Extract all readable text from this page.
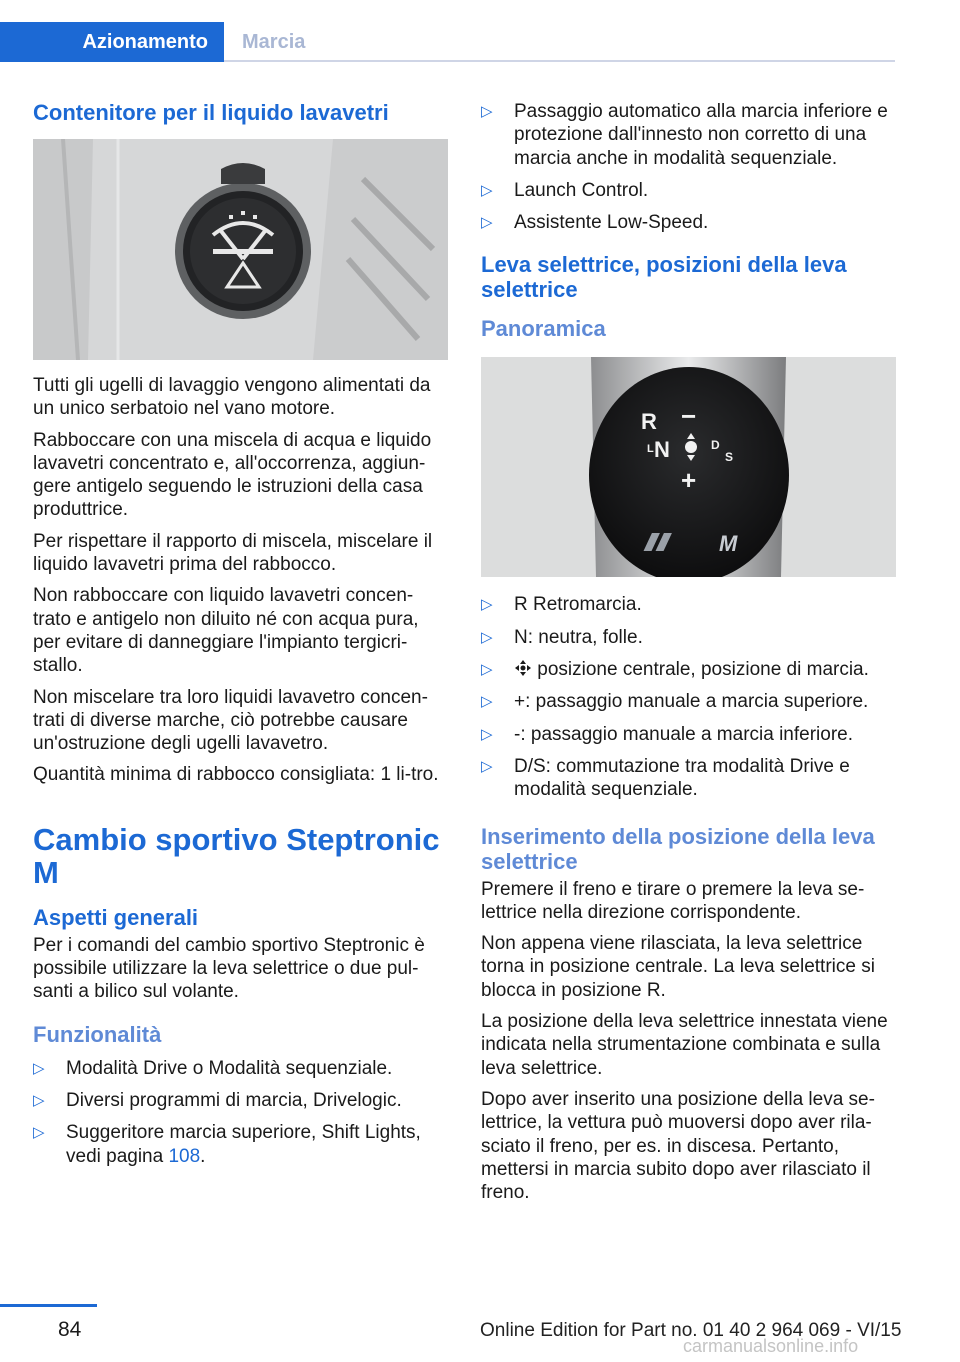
Azionamento Marcia
Contenitore per il liquido lavavetri

Tutti gli ugelli di lavaggio vengono alimentati da un unico serbatoio nel vano motore.

Rabboccare con una miscela di acqua e liquido lavavetri concentrato e, all'occorrenza, aggiun‐gere antigelo seguendo le istruzioni della casa produttrice.

Per rispettare il rapporto di miscela, miscelare il liquido lavavetri prima del rabbocco.

Non rabboccare con liquido lavavetri concen‐trato e antigelo non diluito né con acqua pura, per evitare di danneggiare l'impianto tergicri‐stallo.

Non miscelare tra loro liquidi lavavetro concen‐trati di diverse marche, ciò potrebbe causare un'ostruzione degli ugelli lavavetro.

Quantità minima di rabbocco consigliata: 1 li‐tro.

Cambio sportivo Steptronic M
Aspetti generali

Per i comandi del cambio sportivo Steptronic è possibile utilizzare la leva selettrice o due pul‐santi a bilico sul volante.

Funzionalità
▷ Modalità Drive o Modalità sequenziale.
▷ Diversi programmi di marcia, Drivelogic.
▷ Suggeritore marcia superiore, Shift Lights, vedi pagina 108.
▷ Passaggio automatico alla marcia inferiore e protezione dall'innesto non corretto di una marcia anche in modalità sequenziale.
▷ Launch Control.
▷ Assistente Low-Speed.
Leva selettrice, posizioni della leva selettrice
Panoramica
R −
L N	D
S
+
M
▷ R Retromarcia.
▷ N: neutra, folle.
▷ posizione centrale, posizione di marcia.
▷ +: passaggio manuale a marcia superiore.
▷ -: passaggio manuale a marcia inferiore.
▷ D/S: commutazione tra modalità Drive e modalità sequenziale.
Inserimento della posizione della leva selettrice

Premere il freno e tirare o premere la leva se‐lettrice nella direzione corrispondente.

Non appena viene rilasciata, la leva selettrice torna in posizione centrale. La leva selettrice si blocca in posizione R.

La posizione della leva selettrice innestata viene indicata nella strumentazione combinata e sulla leva selettrice.

Dopo aver inserito una posizione della leva se‐lettrice, la vettura può muoversi dopo aver rila‐sciato il freno, per es. in discesa. Pertanto, mettersi in marcia subito dopo aver rilasciato il freno.

84	Online Edition for Part no. 01 40 2 964 069 - VI/15
carmanualsonline.info
